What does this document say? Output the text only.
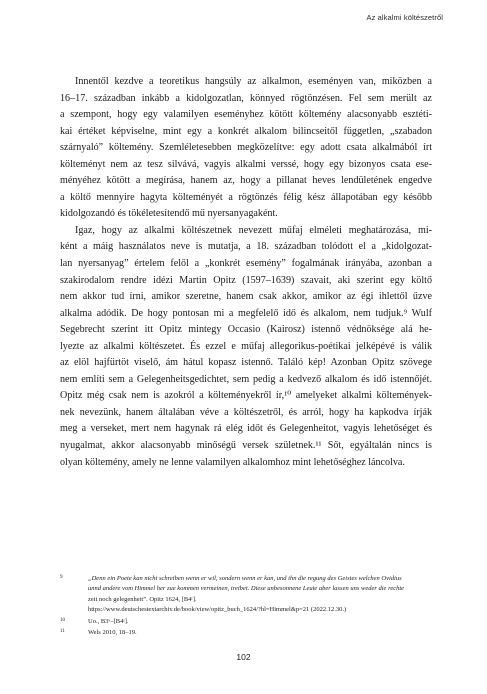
Az alkalmi költészetről
Innentől kezdve a teoretikus hangsúly az alkalmon, eseményen van, miközben a
16–17. században inkább a kidolgozatlan, könnyed rögtönzésen. Fel sem merült az
a szempont, hogy egy valamilyen eseményhez kötött költemény alacsonyabb esztéti-
kai értéket képviselne, mint egy a konkrét alkalom bilincseitől független, „szabadon
szárnyaló” költemény. Szemléletesebben megközelítve: egy adott csata alkalmából írt
költeményt nem az tesz silvává, vagyis alkalmi verssé, hogy egy bizonyos csata ese-
ményéhez kötött a megírása, hanem az, hogy a pillanat heves lendületének engedve
a költő mennyire hagyta költeményét a rögtönzés félig kész állapotában egy később
kidolgozandó és tökéletesítendő mű nyersanyagaként.
Igaz, hogy az alkalmi költészetnek nevezett műfaj elméleti meghatározása, mi-
ként a máig használatos neve is mutatja, a 18. században tolódott el a „kidolgozat-
lan nyersanyag” értelem felől a „konkrét esemény” fogalmának irányába, azonban a
szakirodalom rendre idézi Martin Opitz (1597–1639) szavait, aki szerint egy költő
nem akkor tud írni, amikor szeretne, hanem csak akkor, amikor az égi ihlettől űzve
alkalma adódik. De hogy pontosan mi a megfelelő idő és alkalom, nem tudjuk.⁹ Wulf
Segebrecht szerint itt Opitz mintegy Occasio (Kairosz) istennő védnöksége alá he-
lyezte az alkalmi költészetet. És ezzel e műfaj allegorikus-poétikai jelképévé is válik
az elöl hajfürtöt viselő, ám hátul kopasz istennő. Találó kép! Azonban Opitz szövege
nem említi sem a Gelegenheitsgedichtet, sem pedig a kedvező alkalom és idő istennőjét.
Opitz még csak nem is azokról a költeményekről ír,¹⁰ amelyeket alkalmi költemények-
nek nevezünk, hanem általában véve a költészetről, és arról, hogy ha kapkodva írják
meg a verseket, mert nem hagynak rá elég időt és Gelegenheitot, vagyis lehetőséget és
nyugalmat, akkor alacsonyabb minőségű versek születnek.¹¹ Sőt, egyáltalán nincs is
olyan költemény, amely ne lenne valamilyen alkalomhoz mint lehetőséghez láncolva.
9	„Denn ein Poete kan nicht schreiben wenn er wil, sondern wenn er kan, und ihn die regung des Geistes welchen Ovidius
unnd andere vom Himmel her zue kommen vermeinen, treibet. Diese unbesonnene Leute aber lassen uns weder die rechte
zeit noch gelegenheit”. Opitz 1624, [B4ʳ].
https://www.deutschestextarchiv.de/book/view/opitz_buch_1624/?hl=Himmel&p=21 (2022.12.30.)
10	Uo., B3ᵛ–[B4ʳ].
11	Wels 2010, 18–19.
102
